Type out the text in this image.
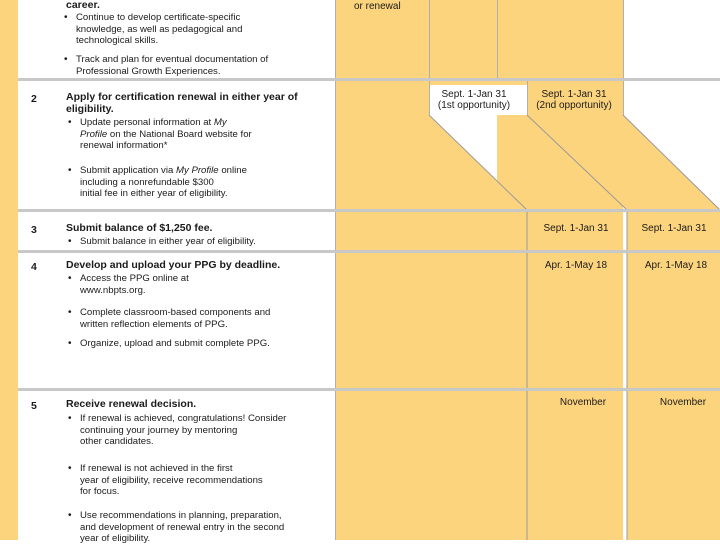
career.
• Continue to develop certificate-specific
knowledge, as well as pedagogical and
technological skills.
• Track and plan for eventual documentation of
Professional Growth Experiences.
or renewal
2	Apply for certification renewal in either year of
eligibility.
• Update personal information at My
Profile on the National Board website for
renewal information*
• Submit application via My Profile online
including a nonrefundable $300
initial fee in either year of eligibility.
Sept. 1-Jan 31
(1st opportunity)
Sept. 1-Jan 31
(2nd opportunity)
3	Submit balance of $1,250 fee.
• Submit balance in either year of eligibility.
Sept. 1-Jan 31	Sept. 1-Jan 31
4	Develop and upload your PPG by deadline.
• Access the PPG online at
www.nbpts.org.
• Complete classroom-based components and
written reflection elements of PPG.
• Organize, upload and submit complete PPG.
Apr. 1-May 18	Apr. 1-May 18
5	Receive renewal decision.
• If renewal is achieved, congratulations! Consider
continuing your journey by mentoring
other candidates.
• If renewal is not achieved in the first
year of eligibility, receive recommendations
for focus.
• Use recommendations in planning, preparation,
and development of renewal entry in the second
year of eligibility.
November	November
